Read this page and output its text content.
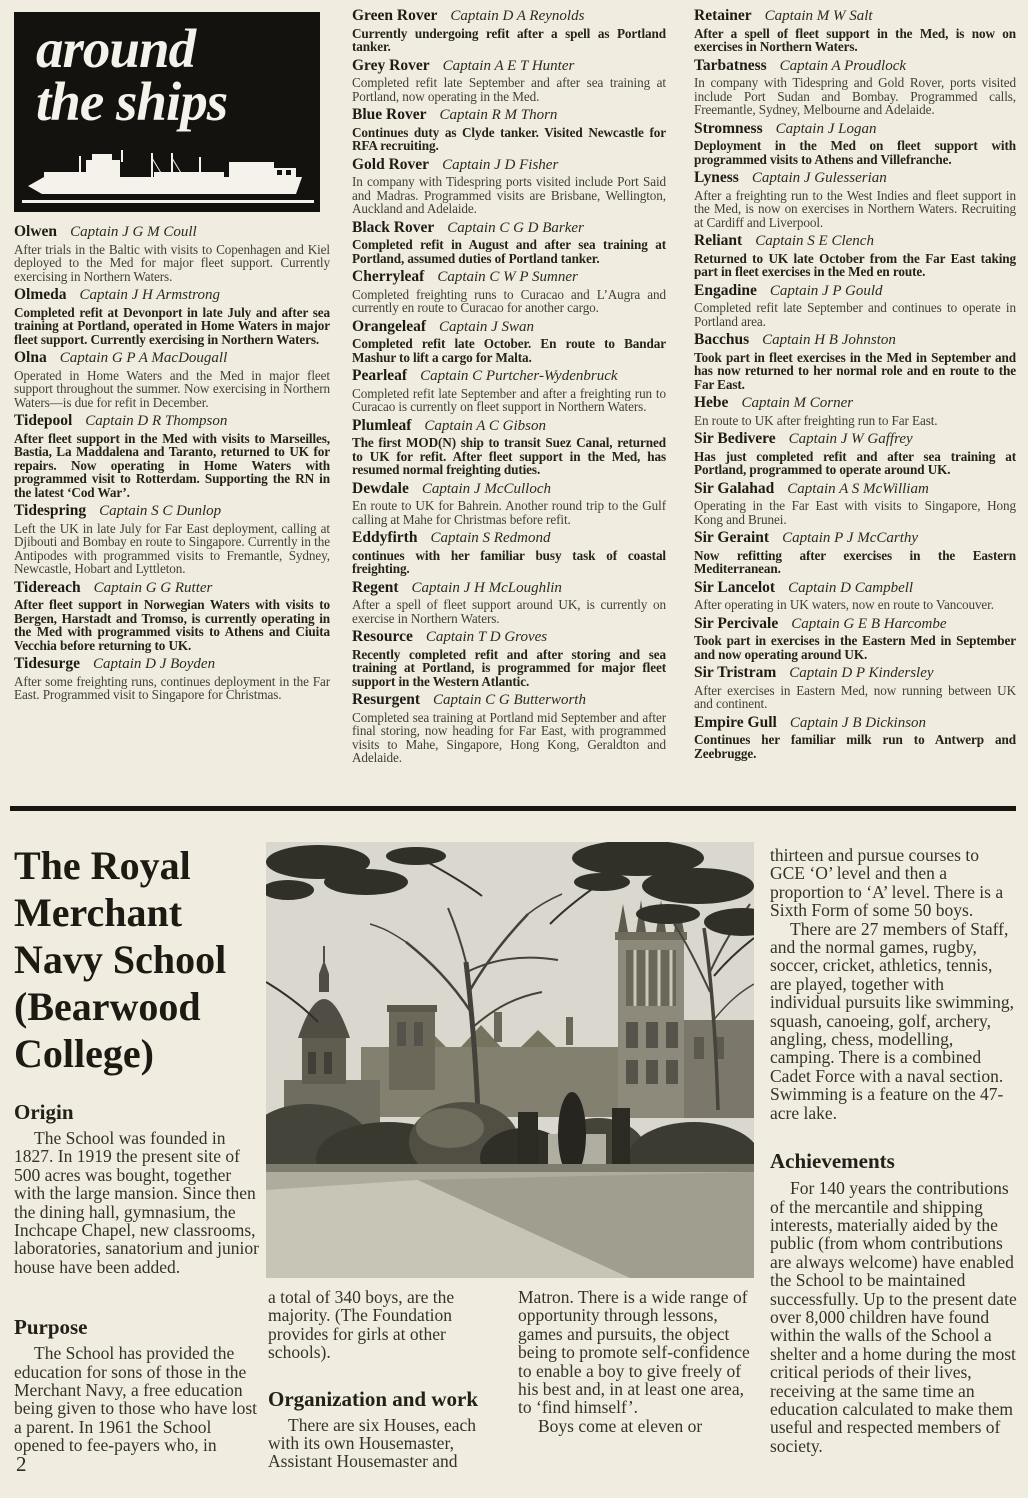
around
the ships
Olwen Captain J G M Coull
After trials in the Baltic with visits to Copenhagen and Kiel deployed to the Med for major fleet support. Currently exercising in Northern Waters.
Olmeda Captain J H Armstrong
Completed refit at Devonport in late July and after sea training at Portland, operated in Home Waters in major fleet support. Currently exercising in Northern Waters.
Olna Captain G P A MacDougall
Operated in Home Waters and the Med in major fleet support throughout the summer. Now exercising in Northern Waters—is due for refit in December.
Tidepool Captain D R Thompson
After fleet support in the Med with visits to Marseilles, Bastia, La Maddalena and Taranto, returned to UK for repairs. Now operating in Home Waters with programmed visit to Rotterdam. Supporting the RN in the latest ‘Cod War’.
Tidespring Captain S C Dunlop
Left the UK in late July for Far East deployment, calling at Djibouti and Bombay en route to Singapore. Currently in the Antipodes with programmed visits to Fremantle, Sydney, Newcastle, Hobart and Lyttleton.
Tidereach Captain G G Rutter
After fleet support in Norwegian Waters with visits to Bergen, Harstadt and Tromso, is currently operating in the Med with programmed visits to Athens and Ciuita Vecchia before returning to UK.
Tidesurge Captain D J Boyden
After some freighting runs, continues deployment in the Far East. Programmed visit to Singapore for Christmas.
Green Rover Captain D A Reynolds
Currently undergoing refit after a spell as Portland tanker.
Grey Rover Captain A E T Hunter
Completed refit late September and after sea training at Portland, now operating in the Med.
Blue Rover Captain R M Thorn
Continues duty as Clyde tanker. Visited Newcastle for RFA recruiting.
Gold Rover Captain J D Fisher
In company with Tidespring ports visited include Port Said and Madras. Programmed visits are Brisbane, Wellington, Auckland and Adelaide.
Black Rover Captain C G D Barker
Completed refit in August and after sea training at Portland, assumed duties of Portland tanker.
Cherryleaf Captain C W P Sumner
Completed freighting runs to Curacao and L’Augra and currently en route to Curacao for another cargo.
Orangeleaf Captain J Swan
Completed refit late October. En route to Bandar Mashur to lift a cargo for Malta.
Pearleaf Captain C Purtcher-Wydenbruck
Completed refit late September and after a freighting run to Curacao is currently on fleet support in Northern Waters.
Plumleaf Captain A C Gibson
The first MOD(N) ship to transit Suez Canal, returned to UK for refit. After fleet support in the Med, has resumed normal freighting duties.
Dewdale Captain J McCulloch
En route to UK for Bahrein. Another round trip to the Gulf calling at Mahe for Christmas before refit.
Eddyfirth Captain S Redmond
continues with her familiar busy task of coastal freighting.
Regent Captain J H McLoughlin
After a spell of fleet support around UK, is currently on exercise in Northern Waters.
Resource Captain T D Groves
Recently completed refit and after storing and sea training at Portland, is programmed for major fleet support in the Western Atlantic.
Resurgent Captain C G Butterworth
Completed sea training at Portland mid September and after final storing, now heading for Far East, with programmed visits to Mahe, Singapore, Hong Kong, Geraldton and Adelaide.
Retainer Captain M W Salt
After a spell of fleet support in the Med, is now on exercises in Northern Waters.
Tarbatness Captain A Proudlock
In company with Tidespring and Gold Rover, ports visited include Port Sudan and Bombay. Programmed calls, Freemantle, Sydney, Melbourne and Adelaide.
Stromness Captain J Logan
Deployment in the Med on fleet support with programmed visits to Athens and Villefranche.
Lyness Captain J Gulesserian
After a freighting run to the West Indies and fleet support in the Med, is now on exercises in Northern Waters. Recruiting at Cardiff and Liverpool.
Reliant Captain S E Clench
Returned to UK late October from the Far East taking part in fleet exercises in the Med en route.
Engadine Captain J P Gould
Completed refit late September and continues to operate in Portland area.
Bacchus Captain H B Johnston
Took part in fleet exercises in the Med in September and has now returned to her normal role and en route to the Far East.
Hebe Captain M Corner
En route to UK after freighting run to Far East.
Sir Bedivere Captain J W Gaffrey
Has just completed refit and after sea training at Portland, programmed to operate around UK.
Sir Galahad Captain A S McWilliam
Operating in the Far East with visits to Singapore, Hong Kong and Brunei.
Sir Geraint Captain P J McCarthy
Now refitting after exercises in the Eastern Mediterranean.
Sir Lancelot Captain D Campbell
After operating in UK waters, now en route to Vancouver.
Sir Percivale Captain G E B Harcombe
Took part in exercises in the Eastern Med in September and now operating around UK.
Sir Tristram Captain D P Kindersley
After exercises in Eastern Med, now running between UK and continent.
Empire Gull Captain J B Dickinson
Continues her familiar milk run to Antwerp and Zeebrugge.
The Royal Merchant Navy School (Bearwood College)
Origin

The School was founded in 1827. In 1919 the present site of 500 acres was bought, together with the large mansion. Since then the dining hall, gymnasium, the Inchcape Chapel, new classrooms, laboratories, sanatorium and junior house have been added.

Purpose

The School has provided the education for sons of those in the Merchant Navy, a free education being given to those who have lost a parent. In 1961 the School opened to fee-payers who, in

a total of 340 boys, are the majority. (The Foundation provides for girls at other schools).

Organization and work

There are six Houses, each with its own Housemaster, Assistant Housemaster and

Matron. There is a wide range of opportunity through lessons, games and pursuits, the object being to promote self-confidence to enable a boy to give freely of his best and, in at least one area, to ‘find himself’.

Boys come at eleven or

thirteen and pursue courses to GCE ‘O’ level and then a proportion to ‘A’ level. There is a Sixth Form of some 50 boys.

There are 27 members of Staff, and the normal games, rugby, soccer, cricket, athletics, tennis, are played, together with individual pursuits like swimming, squash, canoeing, golf, archery, angling, chess, modelling, camping. There is a combined Cadet Force with a naval section. Swimming is a feature on the 47-acre lake.

Achievements

For 140 years the contributions of the mercantile and shipping interests, materially aided by the public (from whom contributions are always welcome) have enabled the School to be maintained successfully. Up to the present date over 8,000 children have found within the walls of the School a shelter and a home during the most critical periods of their lives, receiving at the same time an education calculated to make them useful and respected members of society.

2
